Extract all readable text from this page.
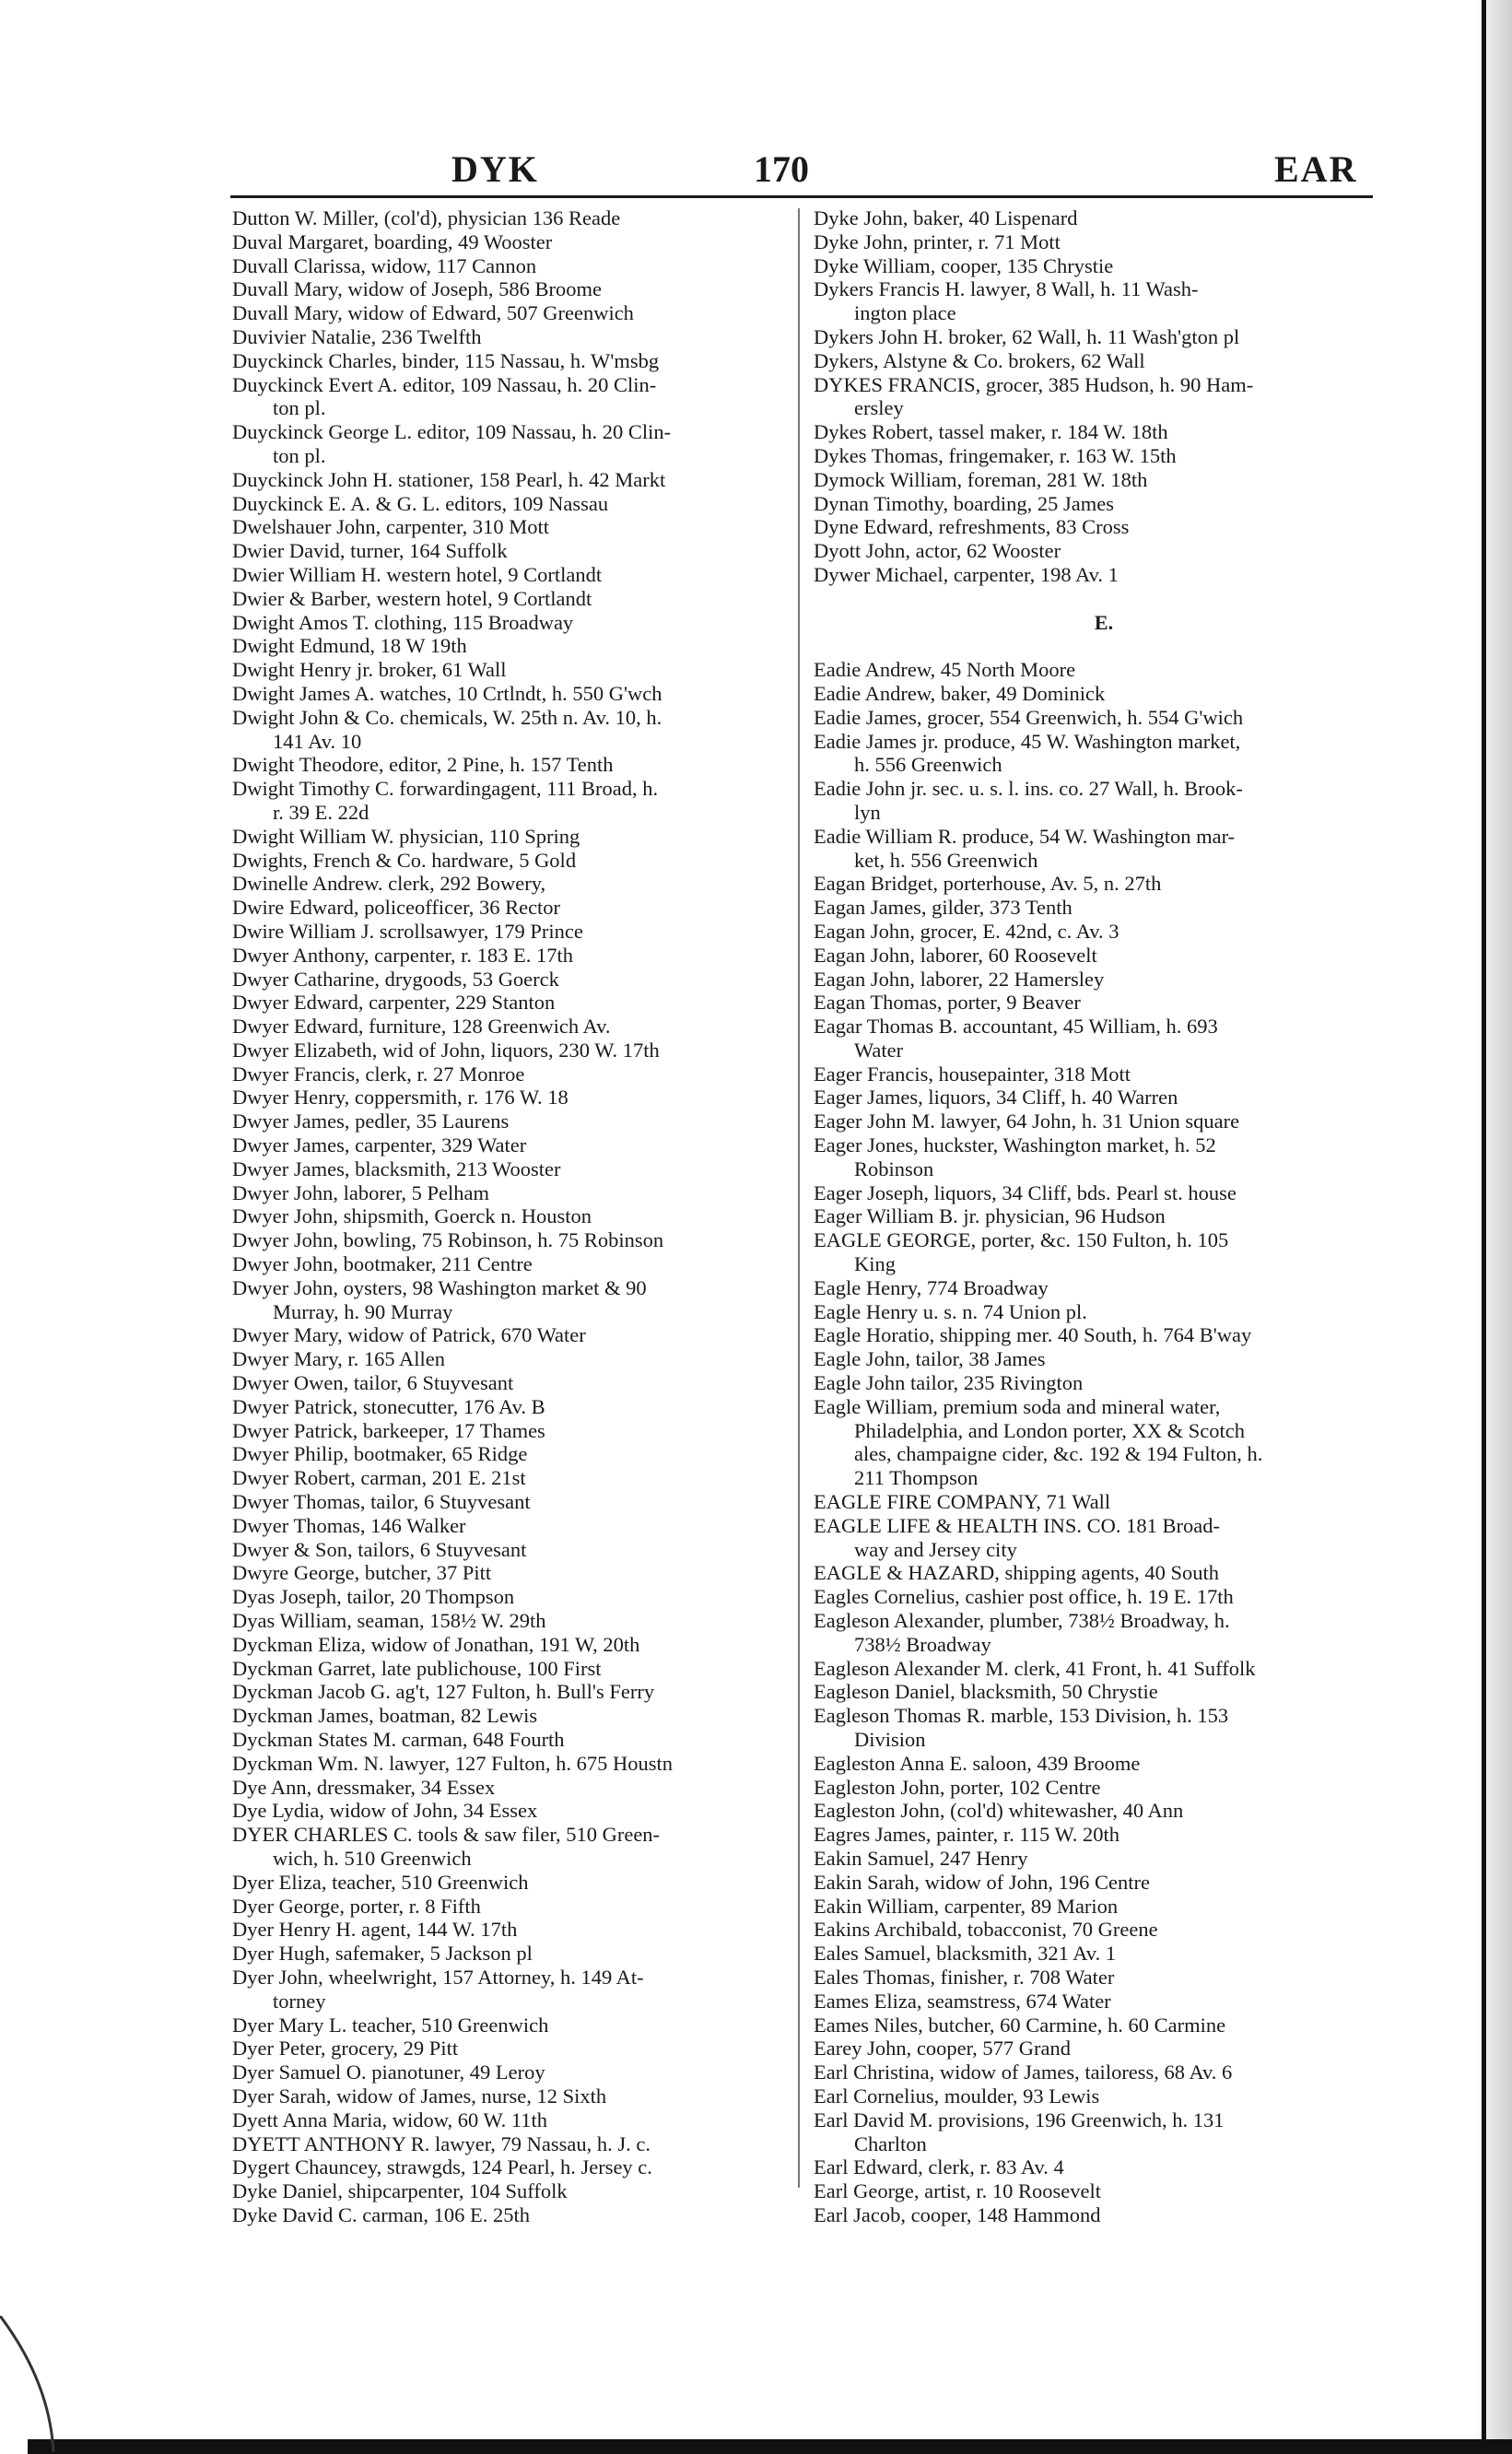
DYK	170	EAR
Dutton W. Miller, (col'd), physician 136 Reade
Duval Margaret, boarding, 49 Wooster
Duvall Clarissa, widow, 117 Cannon
Duvall Mary, widow of Joseph, 586 Broome
Duvall Mary, widow of Edward, 507 Greenwich
Duvivier Natalie, 236 Twelfth
Duyckinck Charles, binder, 115 Nassau, h. W'msbg
Duyckinck Evert A. editor, 109 Nassau, h. 20 Clin-
ton pl.
Duyckinck George L. editor, 109 Nassau, h. 20 Clin-
ton pl.
Duyckinck John H. stationer, 158 Pearl, h. 42 Markt
Duyckinck E. A. & G. L. editors, 109 Nassau
Dwelshauer John, carpenter, 310 Mott
Dwier David, turner, 164 Suffolk
Dwier William H. western hotel, 9 Cortlandt
Dwier & Barber, western hotel, 9 Cortlandt
Dwight Amos T. clothing, 115 Broadway
Dwight Edmund, 18 W 19th
Dwight Henry jr. broker, 61 Wall
Dwight James A. watches, 10 Crtlndt, h. 550 G'wch
Dwight John & Co. chemicals, W. 25th n. Av. 10, h.
141 Av. 10
Dwight Theodore, editor, 2 Pine, h. 157 Tenth
Dwight Timothy C. forwardingagent, 111 Broad, h.
r. 39 E. 22d
Dwight William W. physician, 110 Spring
Dwights, French & Co. hardware, 5 Gold
Dwinelle Andrew. clerk, 292 Bowery,
Dwire Edward, policeofficer, 36 Rector
Dwire William J. scrollsawyer, 179 Prince
Dwyer Anthony, carpenter, r. 183 E. 17th
Dwyer Catharine, drygoods, 53 Goerck
Dwyer Edward, carpenter, 229 Stanton
Dwyer Edward, furniture, 128 Greenwich Av.
Dwyer Elizabeth, wid of John, liquors, 230 W. 17th
Dwyer Francis, clerk, r. 27 Monroe
Dwyer Henry, coppersmith, r. 176 W. 18
Dwyer James, pedler, 35 Laurens
Dwyer James, carpenter, 329 Water
Dwyer James, blacksmith, 213 Wooster
Dwyer John, laborer, 5 Pelham
Dwyer John, shipsmith, Goerck n. Houston
Dwyer John, bowling, 75 Robinson, h. 75 Robinson
Dwyer John, bootmaker, 211 Centre
Dwyer John, oysters, 98 Washington market & 90
Murray, h. 90 Murray
Dwyer Mary, widow of Patrick, 670 Water
Dwyer Mary, r. 165 Allen
Dwyer Owen, tailor, 6 Stuyvesant
Dwyer Patrick, stonecutter, 176 Av. B
Dwyer Patrick, barkeeper, 17 Thames
Dwyer Philip, bootmaker, 65 Ridge
Dwyer Robert, carman, 201 E. 21st
Dwyer Thomas, tailor, 6 Stuyvesant
Dwyer Thomas, 146 Walker
Dwyer & Son, tailors, 6 Stuyvesant
Dwyre George, butcher, 37 Pitt
Dyas Joseph, tailor, 20 Thompson
Dyas William, seaman, 158½ W. 29th
Dyckman Eliza, widow of Jonathan, 191 W, 20th
Dyckman Garret, late publichouse, 100 First
Dyckman Jacob G. ag't, 127 Fulton, h. Bull's Ferry
Dyckman James, boatman, 82 Lewis
Dyckman States M. carman, 648 Fourth
Dyckman Wm. N. lawyer, 127 Fulton, h. 675 Houstn
Dye Ann, dressmaker, 34 Essex
Dye Lydia, widow of John, 34 Essex
DYER CHARLES C. tools & saw filer, 510 Green-
wich, h. 510 Greenwich
Dyer Eliza, teacher, 510 Greenwich
Dyer George, porter, r. 8 Fifth
Dyer Henry H. agent, 144 W. 17th
Dyer Hugh, safemaker, 5 Jackson pl
Dyer John, wheelwright, 157 Attorney, h. 149 At-
torney
Dyer Mary L. teacher, 510 Greenwich
Dyer Peter, grocery, 29 Pitt
Dyer Samuel O. pianotuner, 49 Leroy
Dyer Sarah, widow of James, nurse, 12 Sixth
Dyett Anna Maria, widow, 60 W. 11th
DYETT ANTHONY R. lawyer, 79 Nassau, h. J. c.
Dygert Chauncey, strawgds, 124 Pearl, h. Jersey c.
Dyke Daniel, shipcarpenter, 104 Suffolk
Dyke David C. carman, 106 E. 25th
Dyke John, baker, 40 Lispenard
Dyke John, printer, r. 71 Mott
Dyke William, cooper, 135 Chrystie
Dykers Francis H. lawyer, 8 Wall, h. 11 Wash-
ington place
Dykers John H. broker, 62 Wall, h. 11 Wash'gton pl
Dykers, Alstyne & Co. brokers, 62 Wall
DYKES FRANCIS, grocer, 385 Hudson, h. 90 Ham-
ersley
Dykes Robert, tassel maker, r. 184 W. 18th
Dykes Thomas, fringemaker, r. 163 W. 15th
Dymock William, foreman, 281 W. 18th
Dynan Timothy, boarding, 25 James
Dyne Edward, refreshments, 83 Cross
Dyott John, actor, 62 Wooster
Dywer Michael, carpenter, 198 Av. 1
E.
Eadie Andrew, 45 North Moore
Eadie Andrew, baker, 49 Dominick
Eadie James, grocer, 554 Greenwich, h. 554 G'wich
Eadie James jr. produce, 45 W. Washington market,
h. 556 Greenwich
Eadie John jr. sec. u. s. l. ins. co. 27 Wall, h. Brook-
lyn
Eadie William R. produce, 54 W. Washington mar-
ket, h. 556 Greenwich
Eagan Bridget, porterhouse, Av. 5, n. 27th
Eagan James, gilder, 373 Tenth
Eagan John, grocer, E. 42nd, c. Av. 3
Eagan John, laborer, 60 Roosevelt
Eagan John, laborer, 22 Hamersley
Eagan Thomas, porter, 9 Beaver
Eagar Thomas B. accountant, 45 William, h. 693
Water
Eager Francis, housepainter, 318 Mott
Eager James, liquors, 34 Cliff, h. 40 Warren
Eager John M. lawyer, 64 John, h. 31 Union square
Eager Jones, huckster, Washington market, h. 52
Robinson
Eager Joseph, liquors, 34 Cliff, bds. Pearl st. house
Eager William B. jr. physician, 96 Hudson
EAGLE GEORGE, porter, &c. 150 Fulton, h. 105
King
Eagle Henry, 774 Broadway
Eagle Henry u. s. n. 74 Union pl.
Eagle Horatio, shipping mer. 40 South, h. 764 B'way
Eagle John, tailor, 38 James
Eagle John tailor, 235 Rivington
Eagle William, premium soda and mineral water,
Philadelphia, and London porter, XX & Scotch
ales, champaigne cider, &c. 192 & 194 Fulton, h.
211 Thompson
EAGLE FIRE COMPANY, 71 Wall
EAGLE LIFE & HEALTH INS. CO. 181 Broad-
way and Jersey city
EAGLE & HAZARD, shipping agents, 40 South
Eagles Cornelius, cashier post office, h. 19 E. 17th
Eagleson Alexander, plumber, 738½ Broadway, h.
738½ Broadway
Eagleson Alexander M. clerk, 41 Front, h. 41 Suffolk
Eagleson Daniel, blacksmith, 50 Chrystie
Eagleson Thomas R. marble, 153 Division, h. 153
Division
Eagleston Anna E. saloon, 439 Broome
Eagleston John, porter, 102 Centre
Eagleston John, (col'd) whitewasher, 40 Ann
Eagres James, painter, r. 115 W. 20th
Eakin Samuel, 247 Henry
Eakin Sarah, widow of John, 196 Centre
Eakin William, carpenter, 89 Marion
Eakins Archibald, tobacconist, 70 Greene
Eales Samuel, blacksmith, 321 Av. 1
Eales Thomas, finisher, r. 708 Water
Eames Eliza, seamstress, 674 Water
Eames Niles, butcher, 60 Carmine, h. 60 Carmine
Earey John, cooper, 577 Grand
Earl Christina, widow of James, tailoress, 68 Av. 6
Earl Cornelius, moulder, 93 Lewis
Earl David M. provisions, 196 Greenwich, h. 131
Charlton
Earl Edward, clerk, r. 83 Av. 4
Earl George, artist, r. 10 Roosevelt
Earl Jacob, cooper, 148 Hammond
